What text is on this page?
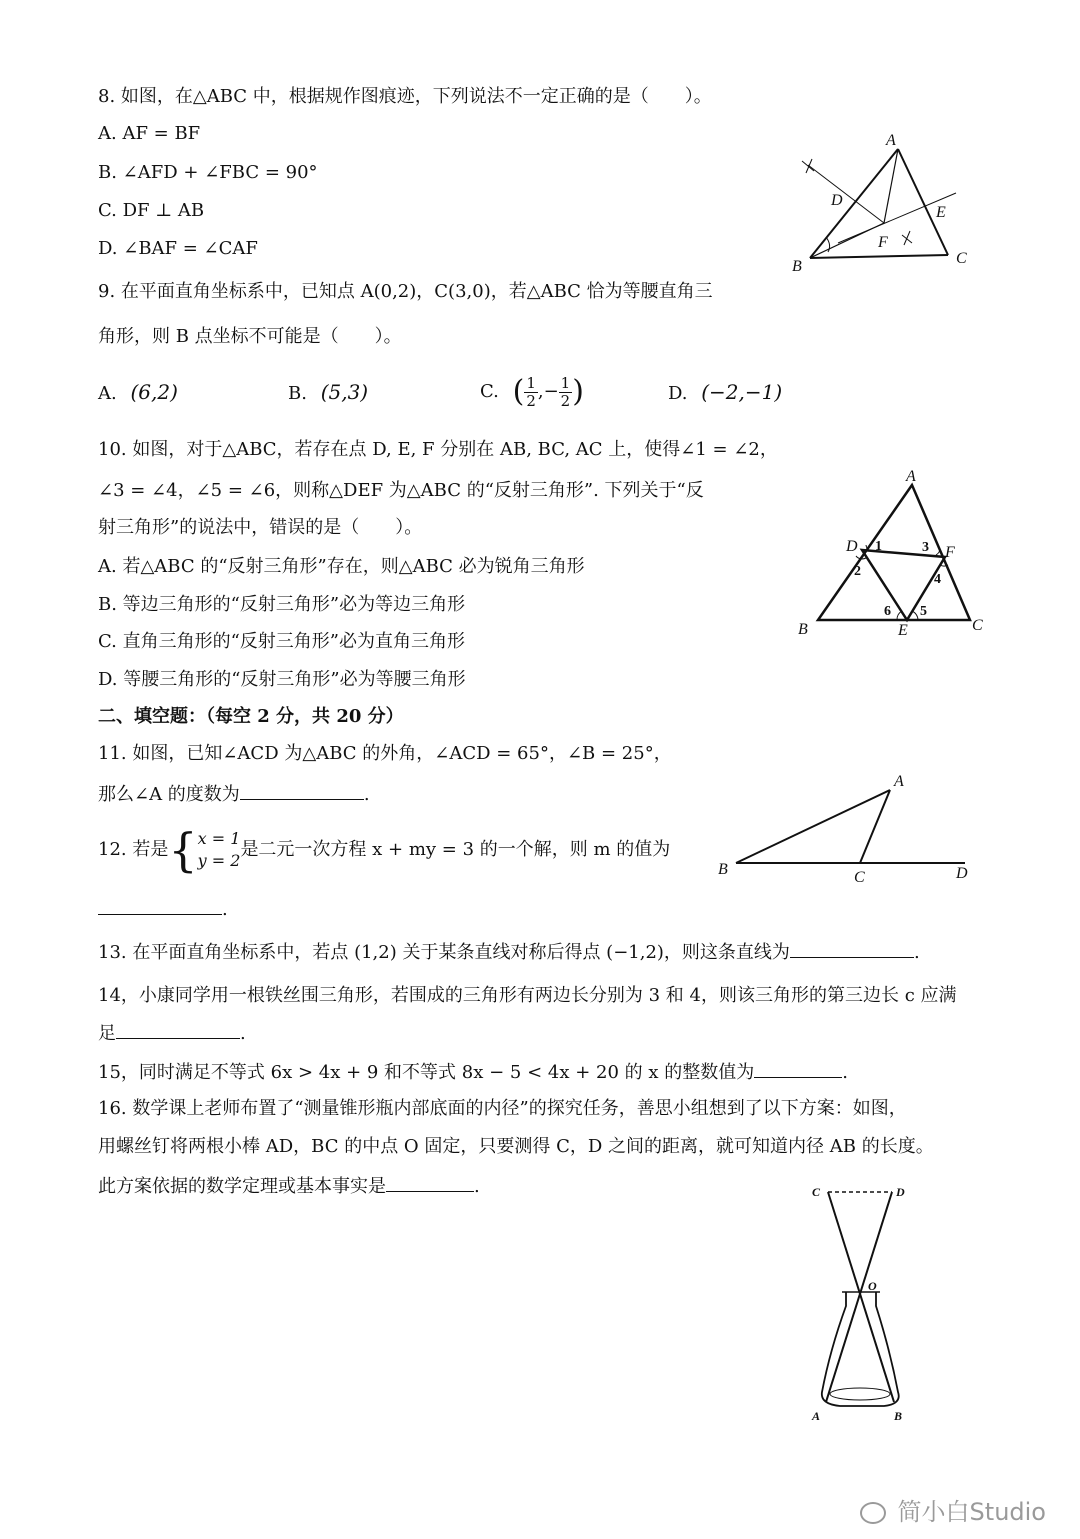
8. 如图，在△ABC 中，根据规作图痕迹，下列说法不一定正确的是（　　）。
A. AF = BF
B. ∠AFD + ∠FBC = 90°
C. DF ⊥ AB
D. ∠BAF = ∠CAF
A
D
E
F
B	C
9. 在平面直角坐标系中，已知点 A(0,2)，C(3,0)，若△ABC 恰为等腰直角三
角形，则 B 点坐标不可能是（　　）。
A. (6,2)	B. (5,3)	C. ( $\frac{1}{2}$ ,− $\frac{1}{2}$ )	D. (−2,−1)
10. 如图，对于△ABC，若存在点 D, E, F 分别在 AB, BC, AC 上，使得∠1 = ∠2，
∠3 = ∠4，∠5 = ∠6，则称△DEF 为△ABC 的“反射三角形”. 下列关于“反
射三角形”的说法中，错误的是（　　）。
A. 若△ABC 的“反射三角形”存在，则△ABC 必为锐角三角形
B. 等边三角形的“反射三角形”必为等边三角形
C. 直角三角形的“反射三角形”必为直角三角形
D. 等腰三角形的“反射三角形”必为等腰三角形
A
D	F
B	E	C
1
2
3
4
5
6
二、填空题：（每空 2 分，共 20 分）
11. 如图，已知∠ACD 为△ABC 的外角，∠ACD = 65°，∠B = 25°，
那么∠A 的度数为	.
A
B	C	D
12. 若是{ x = 1
y = 2
是二元一次方程 x + my = 3 的一个解，则 m 的值为
.
13. 在平面直角坐标系中，若点 (1,2) 关于某条直线对称后得点 (−1,2)，则这条直线为	.
14，小康同学用一根铁丝围三角形，若围成的三角形有两边长分别为 3 和 4，则该三角形的第三边长 c 应满
足	.
15，同时满足不等式 6x > 4x + 9 和不等式 8x − 5 < 4x + 20 的 x 的整数值为	.
16. 数学课上老师布置了“测量锥形瓶内部底面的内径”的探究任务，善思小组想到了以下方案：如图，
用螺丝钉将两根小棒 AD，BC 的中点 O 固定，只要测得 C，D 之间的距离，就可知道内径 AB 的长度。
此方案依据的数学定理或基本事实是	.	C	D
O
A	B
简小白Studio
